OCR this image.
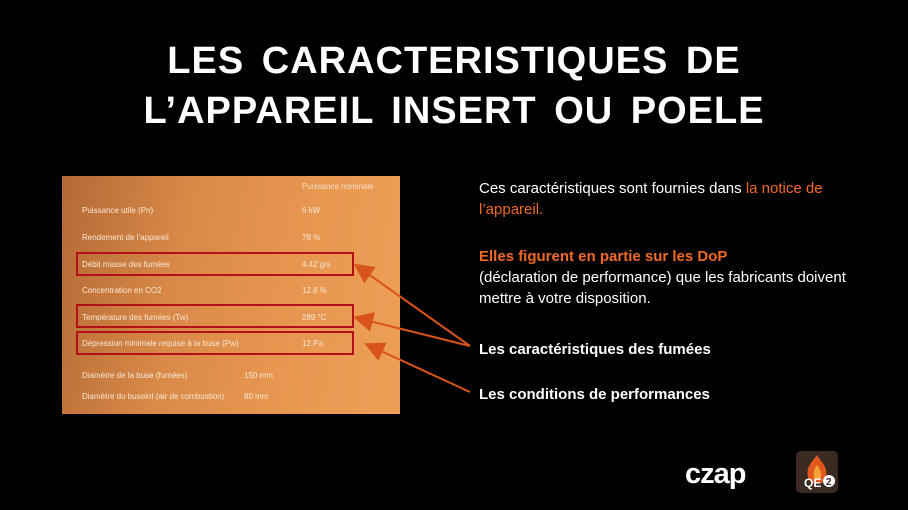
LES CARACTERISTIQUES DE
L’APPAREIL INSERT OU POELE
Puissance nominale
Puissance utile (Pn)	6 kW
Rendement de l’appareil	78 %
Débit masse des fumées	4.42 g/s
Concentration en CO2	12.8 %
Température des fumées (Tw)	289 °C
Dépression minimale requise à la buse (Pw)	12 Pa
Diamètre de la buse (fumées)	150 mm
Diamètre du buselot (air de combustion) 80 mm
Ces caractéristiques sont fournies dans la notice de l’appareil.
Elles figurent en partie sur les DoP
(déclaration de performance) que les fabricants doivent mettre à votre disposition.
Les caractéristiques des fumées
Les conditions de performances
czap	QE 2
